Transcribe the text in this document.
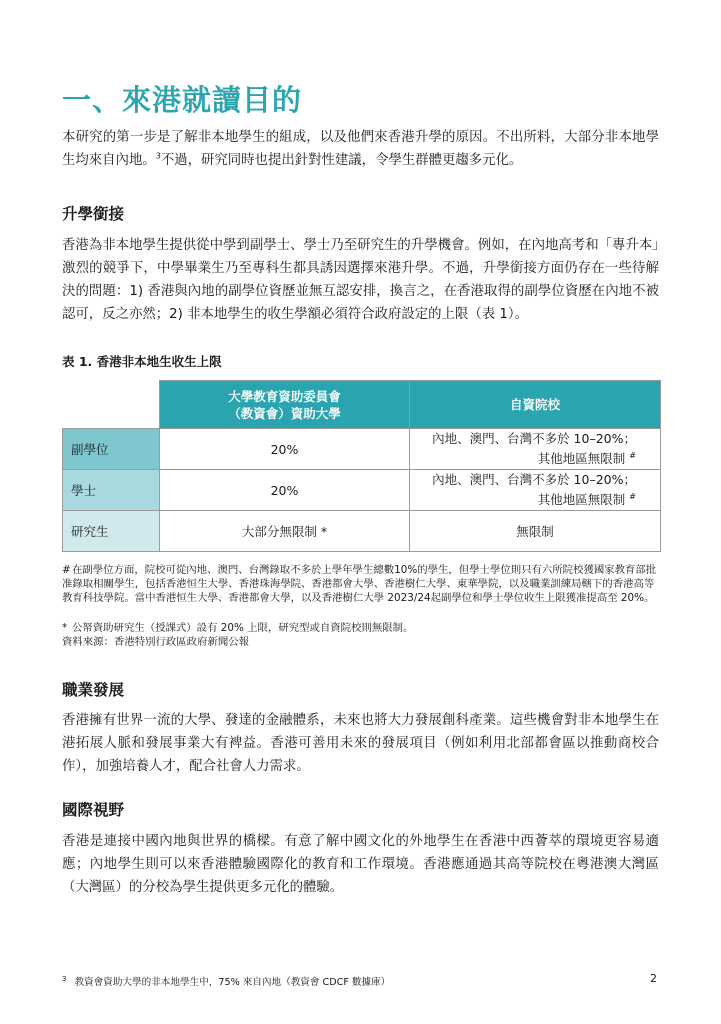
一、來港就讀目的

本研究的第一步是了解非本地學生的組成，以及他們來香港升學的原因。不出所料，大部分非本地學生均來自內地。$^3$不過，研究同時也提出針對性建議，令學生群體更趨多元化。

升學銜接

香港為非本地學生提供從中學到副學士、學士乃至研究生的升學機會。例如，在內地高考和「專升本」激烈的競爭下，中學畢業生乃至專科生都具誘因選擇來港升學。不過，升學銜接方面仍存在一些待解決的問題：1) 香港與內地的副學位資歷並無互認安排，換言之，在香港取得的副學位資歷在內地不被認可，反之亦然；2) 非本地學生的收生學額必須符合政府設定的上限（表 1）。

表 1. 香港非本地生收生上限

	大學教育資助委員會
（教資會）資助大學	自資院校
副學位	20%	內地、澳門、台灣不多於 10–20%；
其他地區無限制 #
學士	20%	內地、澳門、台灣不多於 10–20%；
其他地區無限制 #
研究生	大部分無限制 *	無限制

#在副學位方面，院校可從內地、澳門、台灣錄取不多於上學年學生總數10%的學生，但學士學位則只有六所院校獲國家教育部批准錄取相關學生，包括香港恒生大學、香港珠海學院、香港都會大學、香港樹仁大學、東華學院，以及職業訓練局轄下的香港高等教育科技學院。當中香港恒生大學、香港都會大學，以及香港樹仁大學 2023/24起副學位和學士學位收生上限獲准提高至 20%。

* 公帑資助研究生（授課式）設有 20% 上限，研究型或自資院校則無限制。

資料來源：香港特別行政區政府新聞公報

職業發展

香港擁有世界一流的大學、發達的金融體系，未來也將大力發展創科產業。這些機會對非本地學生在港拓展人脈和發展事業大有裨益。香港可善用未來的發展項目（例如利用北部都會區以推動商校合作），加強培養人才，配合社會人力需求。

國際視野

香港是連接中國內地與世界的橋樑。有意了解中國文化的外地學生在香港中西薈萃的環境更容易適應；內地學生則可以來香港體驗國際化的教育和工作環境。香港應通過其高等院校在粵港澳大灣區（大灣區）的分校為學生提供更多元化的體驗。

$^3$ 教資會資助大學的非本地學生中，75% 來自內地（教資會 CDCF 數據庫）	2
